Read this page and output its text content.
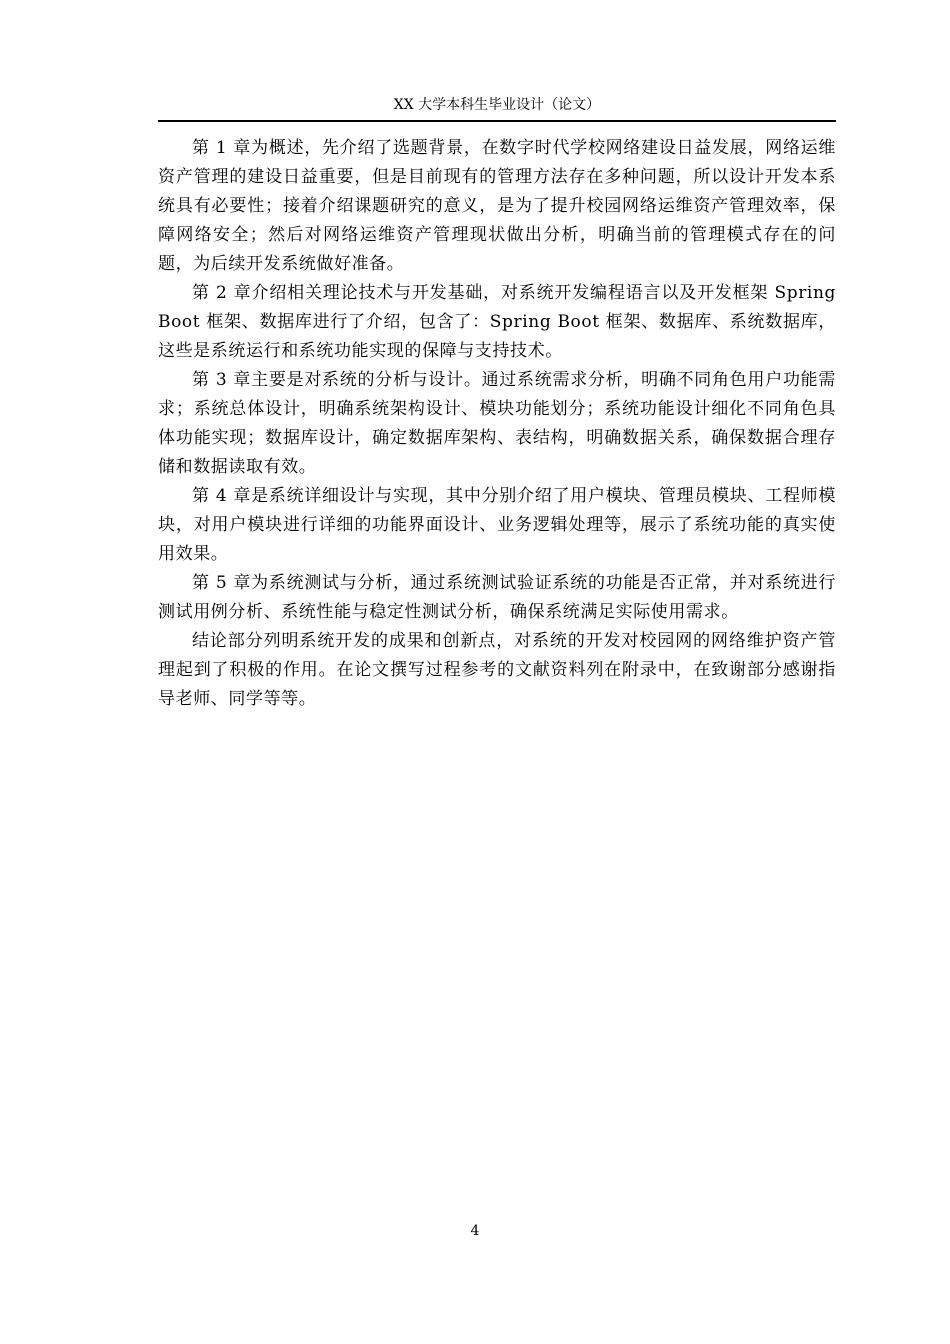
XX 大学本科生毕业设计（论文）

第 1 章为概述，先介绍了选题背景，在数字时代学校网络建设日益发展，网络运维资产管理的建设日益重要，但是目前现有的管理方法存在多种问题，所以设计开发本系统具有必要性；接着介绍课题研究的意义，是为了提升校园网络运维资产管理效率，保障网络安全；然后对网络运维资产管理现状做出分析，明确当前的管理模式存在的问题，为后续开发系统做好准备。

第 2 章介绍相关理论技术与开发基础，对系统开发编程语言以及开发框架 Spring Boot 框架、数据库进行了介绍，包含了：Spring Boot 框架、数据库、系统数据库，这些是系统运行和系统功能实现的保障与支持技术。

第 3 章主要是对系统的分析与设计。通过系统需求分析，明确不同角色用户功能需求；系统总体设计，明确系统架构设计、模块功能划分；系统功能设计细化不同角色具体功能实现；数据库设计，确定数据库架构、表结构，明确数据关系，确保数据合理存储和数据读取有效。

第 4 章是系统详细设计与实现，其中分别介绍了用户模块、管理员模块、工程师模块，对用户模块进行详细的功能界面设计、业务逻辑处理等，展示了系统功能的真实使用效果。

第 5 章为系统测试与分析，通过系统测试验证系统的功能是否正常，并对系统进行测试用例分析、系统性能与稳定性测试分析，确保系统满足实际使用需求。

结论部分列明系统开发的成果和创新点，对系统的开发对校园网的网络维护资产管理起到了积极的作用。在论文撰写过程参考的文献资料列在附录中，在致谢部分感谢指导老师、同学等等。

4
